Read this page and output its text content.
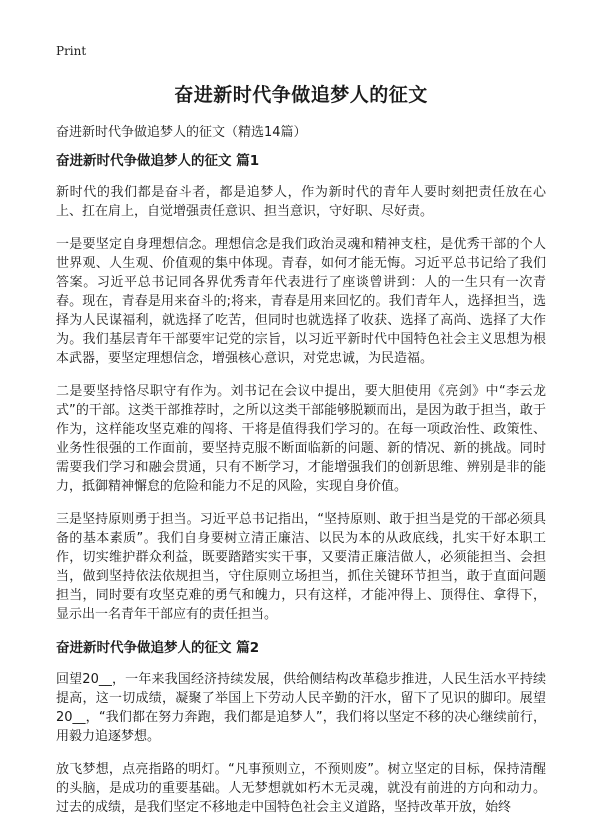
Print
奋进新时代争做追梦人的征文
奋进新时代争做追梦人的征文（精选14篇）
奋进新时代争做追梦人的征文 篇1

新时代的我们都是奋斗者，都是追梦人，作为新时代的青年人要时刻把责任放在心上、扛在肩上，自觉增强责任意识、担当意识，守好职、尽好责。

一是要坚定自身理想信念。理想信念是我们政治灵魂和精神支柱，是优秀干部的个人世界观、人生观、价值观的集中体现。青春，如何才能无悔。习近平总书记给了我们答案。习近平总书记同各界优秀青年代表进行了座谈曾讲到：人的一生只有一次青春。现在，青春是用来奋斗的;将来，青春是用来回忆的。我们青年人，选择担当，选择为人民谋福利，就选择了吃苦，但同时也就选择了收获、选择了高尚、选择了大作为。我们基层青年干部要牢记党的宗旨，以习近平新时代中国特色社会主义思想为根本武器，要坚定理想信念，增强核心意识，对党忠诚，为民造福。

二是要坚持恪尽职守有作为。刘书记在会议中提出，要大胆使用《亮剑》中“李云龙式”的干部。这类干部推荐时，之所以这类干部能够脱颖而出，是因为敢于担当，敢于作为，这样能攻坚克难的闯将、干将是值得我们学习的。在每一项政治性、政策性、业务性很强的工作面前，要坚持克服不断面临新的问题、新的情况、新的挑战。同时需要我们学习和融会贯通，只有不断学习，才能增强我们的创新思维、辨别是非的能力，抵御精神懈怠的危险和能力不足的风险，实现自身价值。

三是坚持原则勇于担当。习近平总书记指出，“坚持原则、敢于担当是党的干部必须具备的基本素质”。我们自身要树立清正廉洁、以民为本的从政底线，扎实干好本职工作，切实维护群众利益，既要踏踏实实干事，又要清正廉洁做人，必须能担当、会担当，做到坚持依法依规担当，守住原则立场担当，抓住关键环节担当，敢于直面问题担当，同时要有攻坚克难的勇气和魄力，只有这样，才能冲得上、顶得住、拿得下，显示出一名青年干部应有的责任担当。

奋进新时代争做追梦人的征文 篇2

回望20__，一年来我国经济持续发展，供给侧结构改革稳步推进，人民生活水平持续提高，这一切成绩，凝聚了举国上下劳动人民辛勤的汗水，留下了见识的脚印。展望20__，“我们都在努力奔跑，我们都是追梦人”，我们将以坚定不移的决心继续前行，用毅力追逐梦想。

放飞梦想，点亮指路的明灯。“凡事预则立，不预则废”。树立坚定的目标，保持清醒的头脑，是成功的重要基础。人无梦想就如朽木无灵魂，就没有前进的方向和动力。过去的成绩，是我们坚定不移地走中国特色社会主义道路，坚持改革开放，始终
